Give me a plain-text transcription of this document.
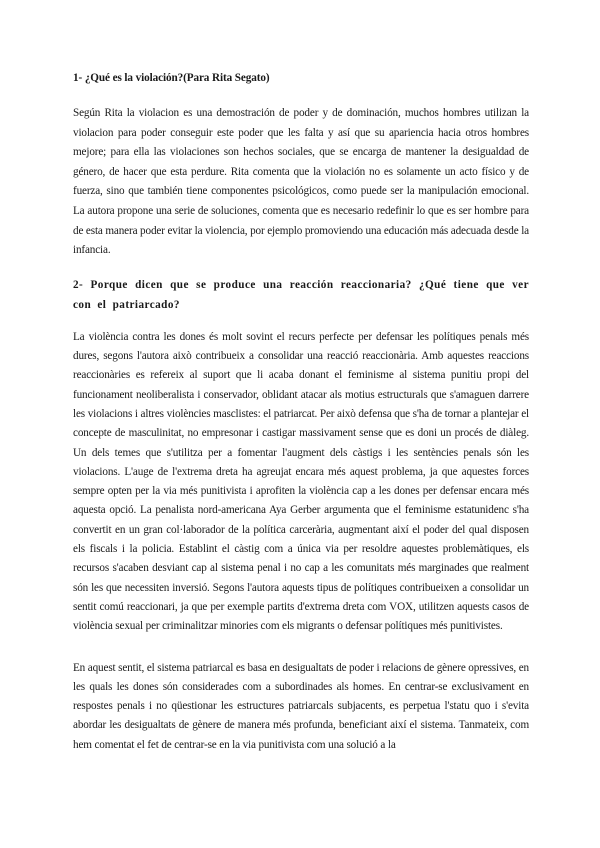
1- ¿Qué es la violación?(Para Rita Segato)

Según Rita la violacion es una demostración de poder y de dominación, muchos hombres utilizan la violacion para poder conseguir este poder que les falta y así que su apariencia hacia otros hombres mejore; para ella las violaciones son hechos sociales, que se encarga de mantener la desigualdad de género, de hacer que esta perdure. Rita comenta que la violación no es solamente un acto físico y de fuerza, sino que también tiene componentes psicológicos, como puede ser la manipulación emocional. La autora propone una serie de soluciones, comenta que es necesario redefinir lo que es ser hombre para de esta manera poder evitar la violencia, por ejemplo promoviendo una educación más adecuada desde la infancia.

2- Porque dicen que se produce una reacción reaccionaria? ¿Qué tiene que ver con el patriarcado?

La violència contra les dones és molt sovint el recurs perfecte per defensar les polítiques penals més dures, segons l'autora això contribueix a consolidar una reacció reaccionària. Amb aquestes reaccions reaccionàries es refereix al suport que li acaba donant el feminisme al sistema punitiu propi del funcionament neoliberalista i conservador, oblidant atacar als motius estructurals que s'amaguen darrere les violacions i altres violències masclistes: el patriarcat. Per això defensa que s'ha de tornar a plantejar el concepte de masculinitat, no empresonar i castigar massivament sense que es doni un procés de diàleg. Un dels temes que s'utilitza per a fomentar l'augment dels càstigs i les sentències penals són les violacions. L'auge de l'extrema dreta ha agreujat encara més aquest problema, ja que aquestes forces sempre opten per la via més punitivista i aprofiten la violència cap a les dones per defensar encara més aquesta opció. La penalista nord-americana Aya Gerber argumenta que el feminisme estatunidenc s'ha convertit en un gran col·laborador de la política carcerària, augmentant així el poder del qual disposen els fiscals i la policia. Establint el càstig com a única via per resoldre aquestes problemàtiques, els recursos s'acaben desviant cap al sistema penal i no cap a les comunitats més marginades que realment són les que necessiten inversió. Segons l'autora aquests tipus de polítiques contribueixen a consolidar un sentit comú reaccionari, ja que per exemple partits d'extrema dreta com VOX, utilitzen aquests casos de violència sexual per criminalitzar minories com els migrants o defensar polítiques més punitivistes.

En aquest sentit, el sistema patriarcal es basa en desigualtats de poder i relacions de gènere opressives, en les quals les dones són considerades com a subordinades als homes. En centrar-se exclusivament en respostes penals i no qüestionar les estructures patriarcals subjacents, es perpetua l'statu quo i s'evita abordar les desigualtats de gènere de manera més profunda, beneficiant així el sistema. Tanmateix, com hem comentat el fet de centrar-se en la via punitivista com una solució a la
